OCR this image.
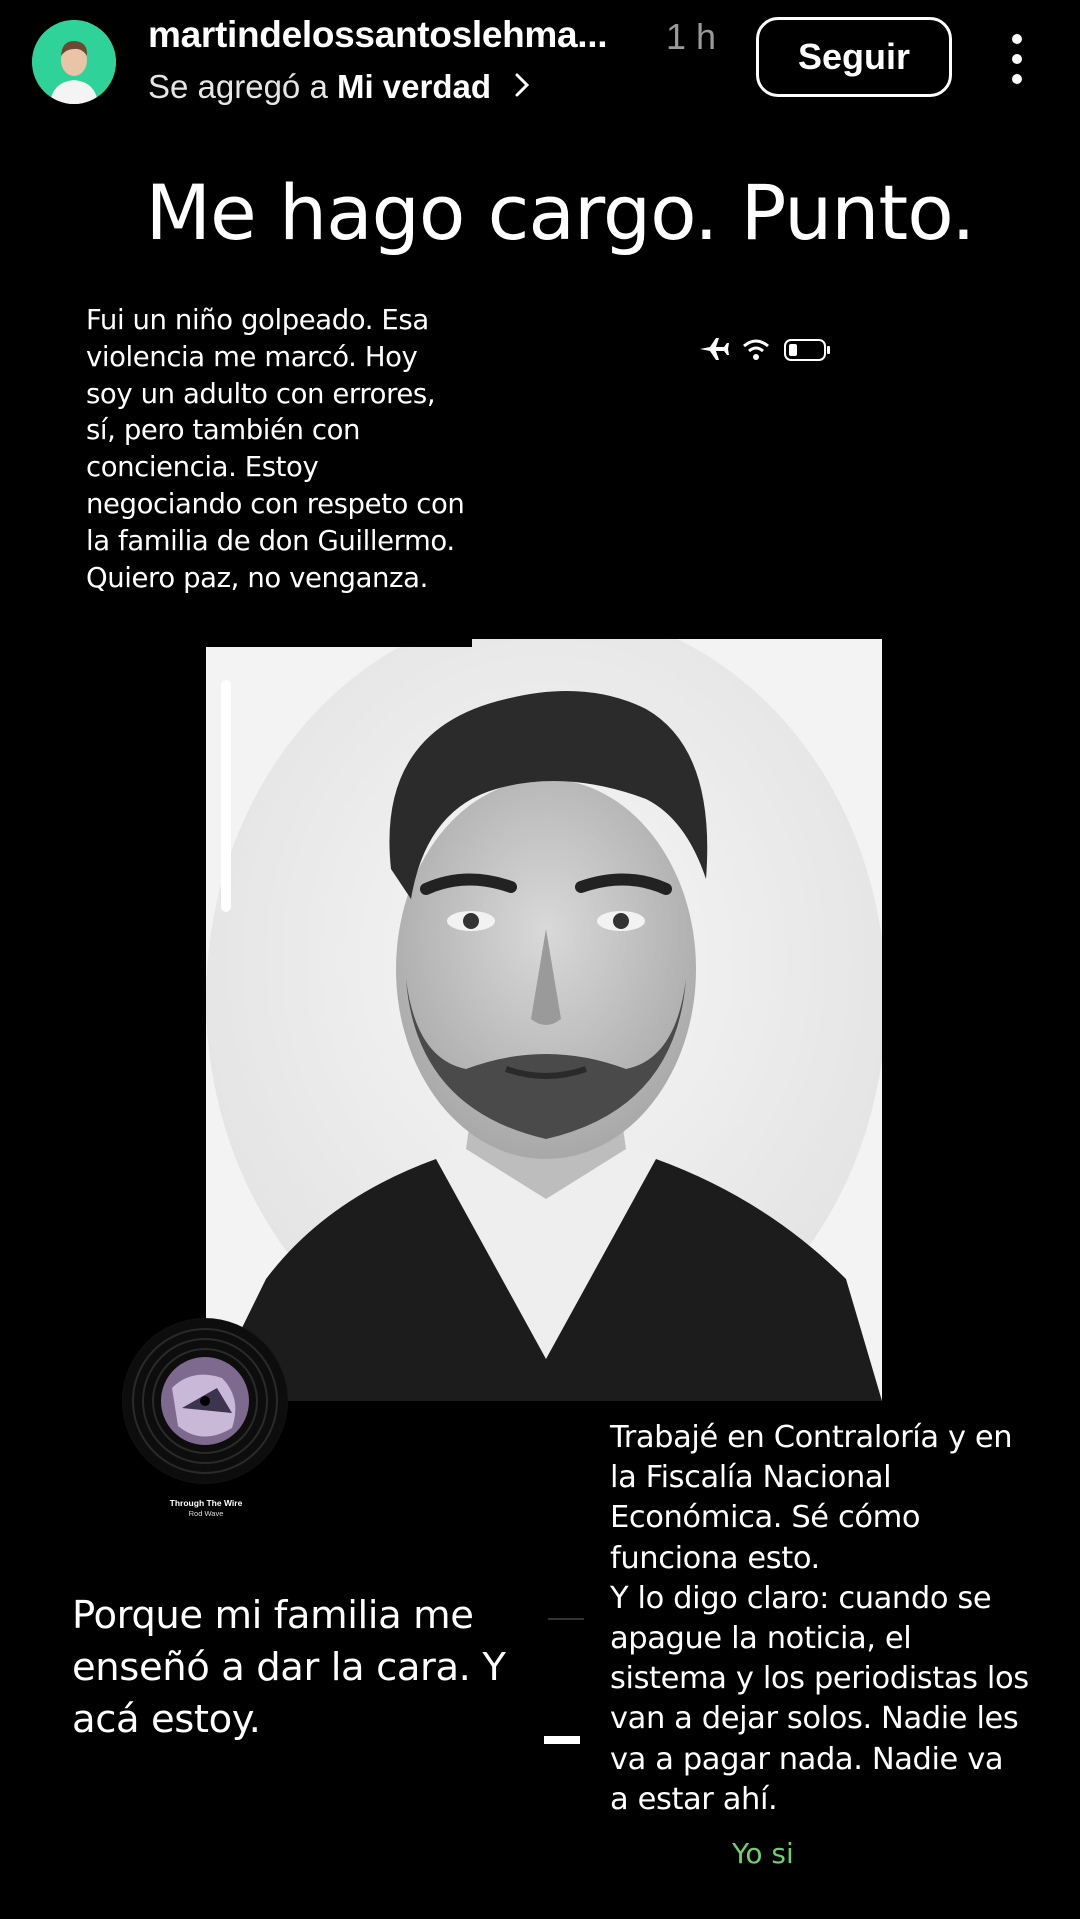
martindelossantoslehma... 1 h
Se agregó a Mi verdad
Seguir
Me hago cargo. Punto.
Fui un niño golpeado. Esa violencia me marcó. Hoy soy un adulto con errores, sí, pero también con conciencia. Estoy negociando con respeto con la familia de don Guillermo. Quiero paz, no venganza.
Through The Wire
Rod Wave
Trabajé en Contraloría y en la Fiscalía Nacional Económica. Sé cómo funciona esto.
Y lo digo claro: cuando se apague la noticia, el sistema y los periodistas los van a dejar solos. Nadie les va a pagar nada. Nadie va a estar ahí.
Porque mi familia me enseñó a dar la cara. Y acá estoy.
Yo si
